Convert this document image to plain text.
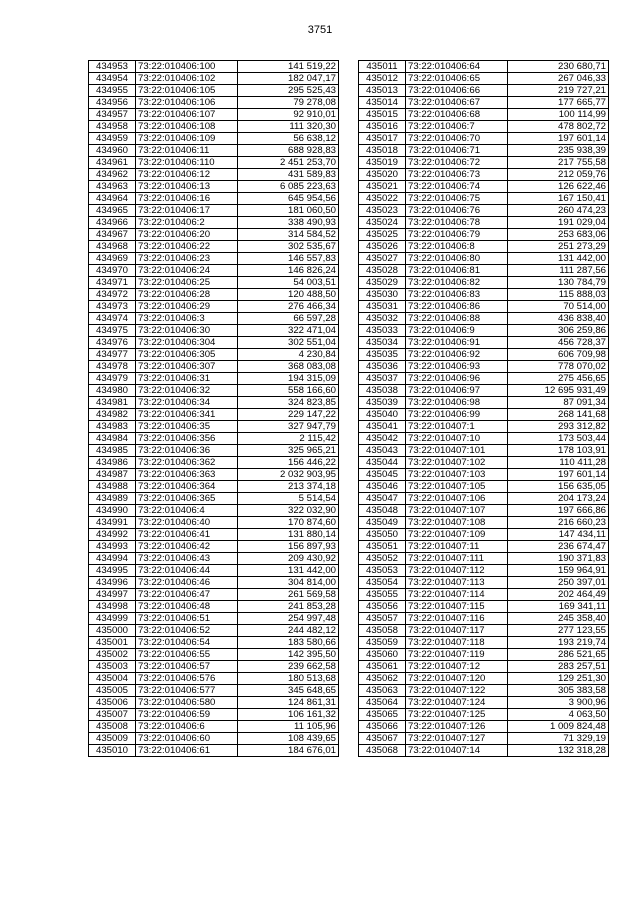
3751
434953	73:22:010406:100	141 519,22
434954	73:22:010406:102	182 047,17
434955	73:22:010406:105	295 525,43
434956	73:22:010406:106	79 278,08
434957	73:22:010406:107	92 910,01
434958	73:22:010406:108	111 320,30
434959	73:22:010406:109	56 638,12
434960	73:22:010406:11	688 928,83
434961	73:22:010406:110	2 451 253,70
434962	73:22:010406:12	431 589,83
434963	73:22:010406:13	6 085 223,63
434964	73:22:010406:16	645 954,56
434965	73:22:010406:17	181 060,50
434966	73:22:010406:2	338 490,93
434967	73:22:010406:20	314 584,52
434968	73:22:010406:22	302 535,67
434969	73:22:010406:23	146 557,83
434970	73:22:010406:24	146 826,24
434971	73:22:010406:25	54 003,51
434972	73:22:010406:28	120 488,50
434973	73:22:010406:29	276 466,34
434974	73:22:010406:3	66 597,28
434975	73:22:010406:30	322 471,04
434976	73:22:010406:304	302 551,04
434977	73:22:010406:305	4 230,84
434978	73:22:010406:307	368 083,08
434979	73:22:010406:31	194 315,09
434980	73:22:010406:32	558 166,60
434981	73:22:010406:34	324 823,85
434982	73:22:010406:341	229 147,22
434983	73:22:010406:35	327 947,79
434984	73:22:010406:356	2 115,42
434985	73:22:010406:36	325 965,21
434986	73:22:010406:362	156 446,22
434987	73:22:010406:363	2 032 903,95
434988	73:22:010406:364	213 374,18
434989	73:22:010406:365	5 514,54
434990	73:22:010406:4	322 032,90
434991	73:22:010406:40	170 874,60
434992	73:22:010406:41	131 880,14
434993	73:22:010406:42	156 897,93
434994	73:22:010406:43	209 430,92
434995	73:22:010406:44	131 442,00
434996	73:22:010406:46	304 814,00
434997	73:22:010406:47	261 569,58
434998	73:22:010406:48	241 853,28
434999	73:22:010406:51	254 997,48
435000	73:22:010406:52	244 482,12
435001	73:22:010406:54	183 580,66
435002	73:22:010406:55	142 395,50
435003	73:22:010406:57	239 662,58
435004	73:22:010406:576	180 513,68
435005	73:22:010406:577	345 648,65
435006	73:22:010406:580	124 861,31
435007	73:22:010406:59	106 161,32
435008	73:22:010406:6	11 105,96
435009	73:22:010406:60	108 439,65
435010	73:22:010406:61	184 676,01
435011	73:22:010406:64	230 680,71
435012	73:22:010406:65	267 046,33
435013	73:22:010406:66	219 727,21
435014	73:22:010406:67	177 665,77
435015	73:22:010406:68	100 114,99
435016	73:22:010406:7	478 802,72
435017	73:22:010406:70	197 601,14
435018	73:22:010406:71	235 938,39
435019	73:22:010406:72	217 755,58
435020	73:22:010406:73	212 059,76
435021	73:22:010406:74	126 622,46
435022	73:22:010406:75	167 150,41
435023	73:22:010406:76	260 474,23
435024	73:22:010406:78	191 029,04
435025	73:22:010406:79	253 683,06
435026	73:22:010406:8	251 273,29
435027	73:22:010406:80	131 442,00
435028	73:22:010406:81	111 287,56
435029	73:22:010406:82	130 784,79
435030	73:22:010406:83	115 888,03
435031	73:22:010406:86	70 514,00
435032	73:22:010406:88	436 838,40
435033	73:22:010406:9	306 259,86
435034	73:22:010406:91	456 728,37
435035	73:22:010406:92	606 709,98
435036	73:22:010406:93	778 070,02
435037	73:22:010406:96	275 456,65
435038	73:22:010406:97	12 695 931,49
435039	73:22:010406:98	87 091,34
435040	73:22:010406:99	268 141,68
435041	73:22:010407:1	293 312,82
435042	73:22:010407:10	173 503,44
435043	73:22:010407:101	178 103,91
435044	73:22:010407:102	110 411,28
435045	73:22:010407:103	197 601,14
435046	73:22:010407:105	156 635,05
435047	73:22:010407:106	204 173,24
435048	73:22:010407:107	197 666,86
435049	73:22:010407:108	216 660,23
435050	73:22:010407:109	147 434,11
435051	73:22:010407:11	236 674,47
435052	73:22:010407:111	190 371,83
435053	73:22:010407:112	159 964,91
435054	73:22:010407:113	250 397,01
435055	73:22:010407:114	202 464,49
435056	73:22:010407:115	169 341,11
435057	73:22:010407:116	245 358,40
435058	73:22:010407:117	277 123,55
435059	73:22:010407:118	193 219,74
435060	73:22:010407:119	286 521,65
435061	73:22:010407:12	283 257,51
435062	73:22:010407:120	129 251,30
435063	73:22:010407:122	305 383,58
435064	73:22:010407:124	3 900,96
435065	73:22:010407:125	4 063,50
435066	73:22:010407:126	1 009 824,48
435067	73:22:010407:127	71 329,19
435068	73:22:010407:14	132 318,28
